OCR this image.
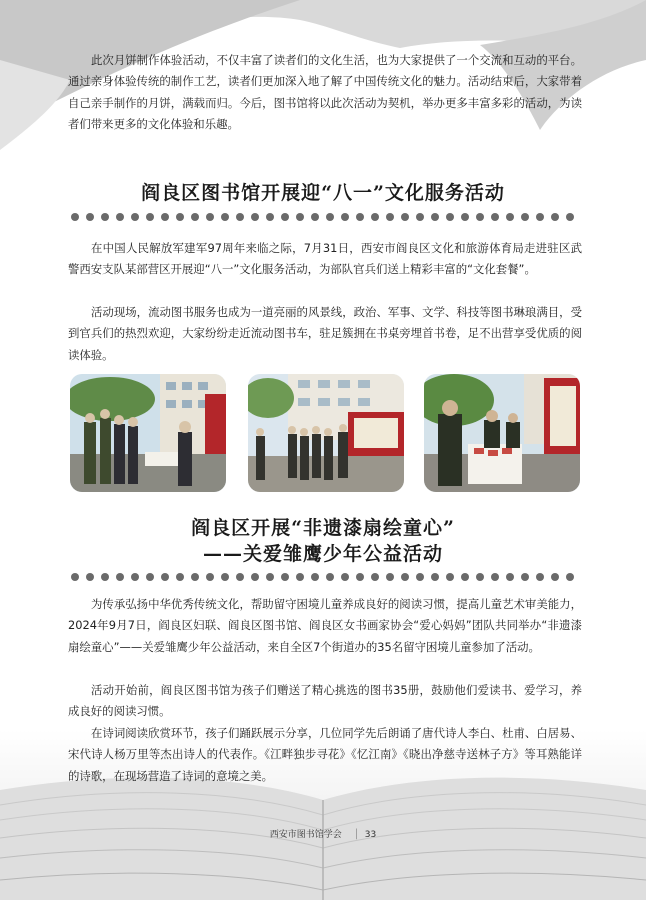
此次月饼制作体验活动，不仅丰富了读者们的文化生活，也为大家提供了一个交流和互动的平台。通过亲身体验传统的制作工艺，读者们更加深入地了解了中国传统文化的魅力。活动结束后，大家带着自己亲手制作的月饼，满载而归。今后，图书馆将以此次活动为契机，举办更多丰富多彩的活动，为读者们带来更多的文化体验和乐趣。

阎良区图书馆开展迎“八一”文化服务活动

在中国人民解放军建军97周年来临之际，7月31日，西安市阎良区文化和旅游体育局走进驻区武警西安支队某部营区开展迎“八一”文化服务活动，为部队官兵们送上精彩丰富的“文化套餐”。

活动现场，流动图书服务也成为一道亮丽的风景线，政治、军事、文学、科技等图书琳琅满目，受到官兵们的热烈欢迎，大家纷纷走近流动图书车，驻足簇拥在书桌旁埋首书卷，足不出营享受优质的阅读体验。

阎良区开展“非遗漆扇绘童心”
——关爱雏鹰少年公益活动

为传承弘扬中华优秀传统文化，帮助留守困境儿童养成良好的阅读习惯，提高儿童艺术审美能力，2024年9月7日，阎良区妇联、阎良区图书馆、阎良区女书画家协会“爱心妈妈”团队共同举办“非遗漆扇绘童心”——关爱雏鹰少年公益活动，来自全区7个街道办的35名留守困境儿童参加了活动。

活动开始前，阎良区图书馆为孩子们赠送了精心挑选的图书35册，鼓励他们爱读书、爱学习，养成良好的阅读习惯。

在诗词阅读欣赏环节，孩子们踊跃展示分享，几位同学先后朗诵了唐代诗人李白、杜甫、白居易、宋代诗人杨万里等杰出诗人的代表作。《江畔独步寻花》《忆江南》《晓出净慈寺送林子方》等耳熟能详的诗歌，在现场营造了诗词的意境之美。

西安市图书馆学会 ▕ 33
